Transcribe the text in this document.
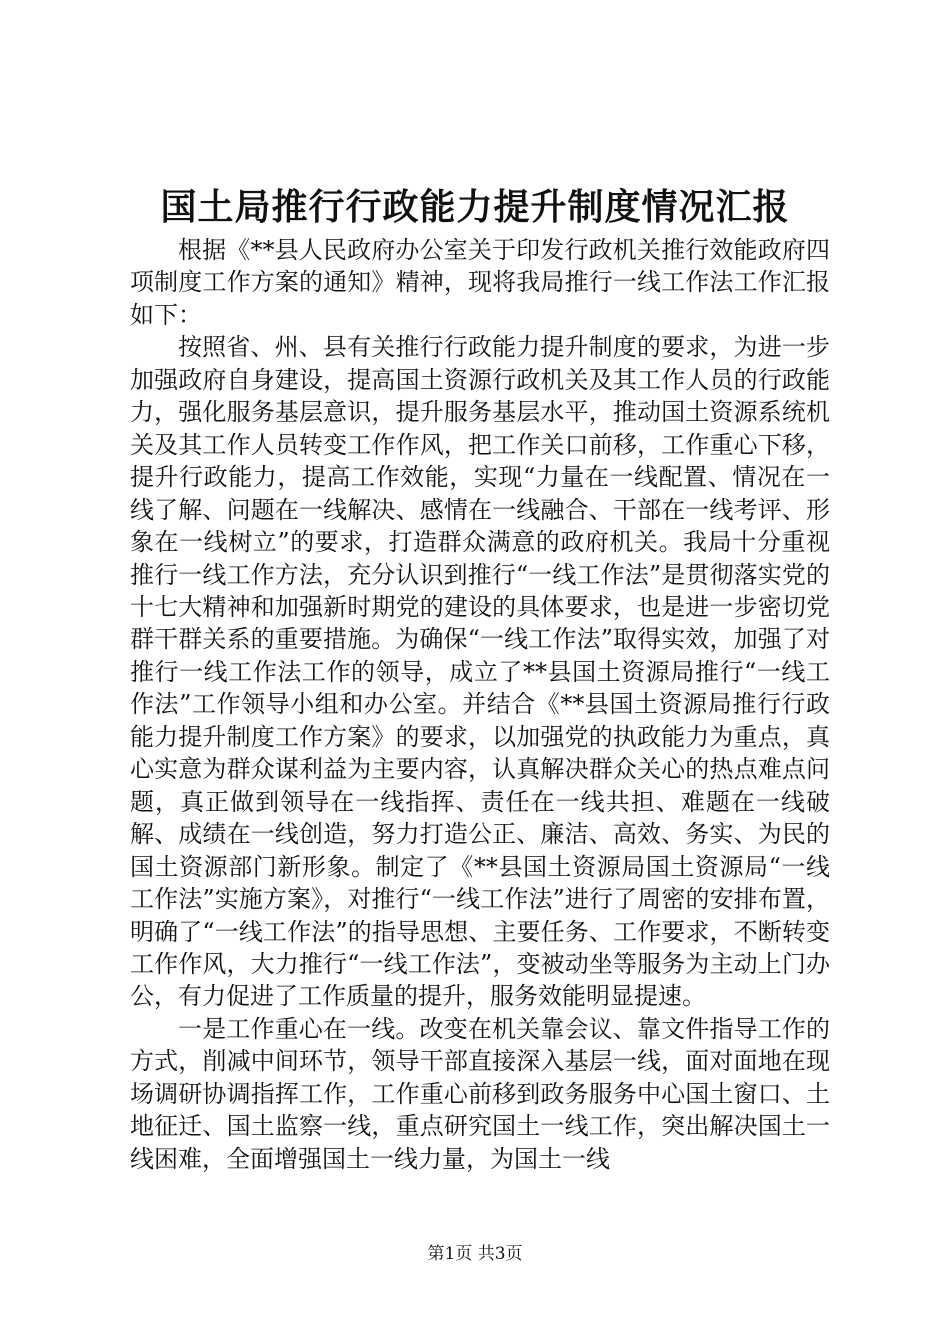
国土局推行行政能力提升制度情况汇报

根据《**县人民政府办公室关于印发行政机关推行效能政府四项制度工作方案的通知》精神，现将我局推行一线工作法工作汇报如下：

按照省、州、县有关推行行政能力提升制度的要求，为进一步加强政府自身建设，提高国土资源行政机关及其工作人员的行政能力，强化服务基层意识，提升服务基层水平，推动国土资源系统机关及其工作人员转变工作作风，把工作关口前移，工作重心下移，提升行政能力，提高工作效能，实现“力量在一线配置、情况在一线了解、问题在一线解决、感情在一线融合、干部在一线考评、形象在一线树立”的要求，打造群众满意的政府机关。我局十分重视推行一线工作方法，充分认识到推行“一线工作法”是贯彻落实党的十七大精神和加强新时期党的建设的具体要求，也是进一步密切党群干群关系的重要措施。为确保“一线工作法”取得实效，加强了对推行一线工作法工作的领导，成立了**县国土资源局推行“一线工作法”工作领导小组和办公室。并结合《**县国土资源局推行行政能力提升制度工作方案》的要求，以加强党的执政能力为重点，真心实意为群众谋利益为主要内容，认真解决群众关心的热点难点问题，真正做到领导在一线指挥、责任在一线共担、难题在一线破解、成绩在一线创造，努力打造公正、廉洁、高效、务实、为民的国土资源部门新形象。制定了《**县国土资源局国土资源局“一线工作法”实施方案》，对推行“一线工作法”进行了周密的安排布置，明确了“一线工作法”的指导思想、主要任务、工作要求，不断转变工作作风，大力推行“一线工作法”，变被动坐等服务为主动上门办公，有力促进了工作质量的提升，服务效能明显提速。

一是工作重心在一线。改变在机关靠会议、靠文件指导工作的方式，削减中间环节，领导干部直接深入基层一线，面对面地在现场调研协调指挥工作，工作重心前移到政务服务中心国土窗口、土地征迁、国土监察一线，重点研究国土一线工作，突出解决国土一线困难，全面增强国土一线力量，为国土一线

第1页 共3页
